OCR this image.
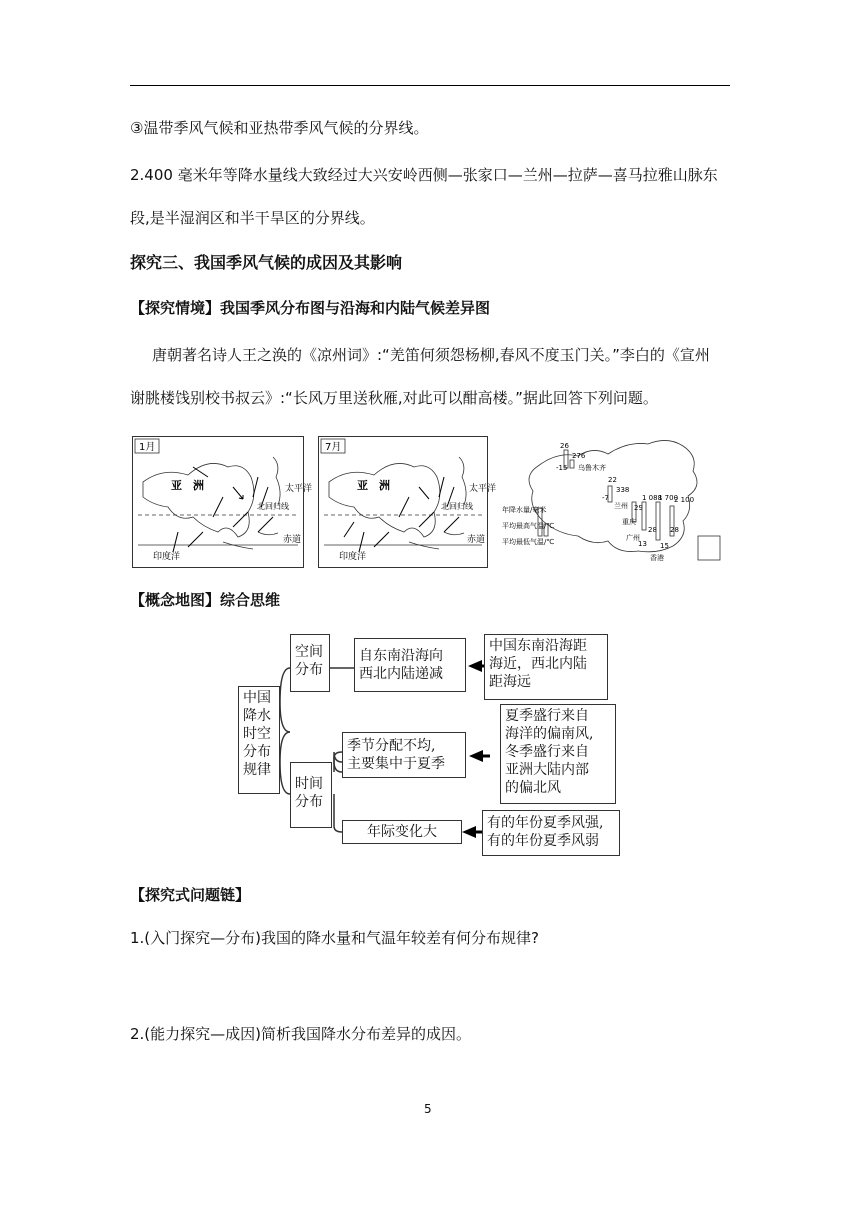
③温带季风气候和亚热带季风气候的分界线。
2.400 毫米年等降水量线大致经过大兴安岭西侧—张家口—兰州—拉萨—喜马拉雅山脉东
段,是半湿润区和半干旱区的分界线。
探究三、我国季风气候的成因及其影响
【探究情境】我国季风分布图与沿海和内陆气候差异图
唐朝著名诗人王之涣的《凉州词》:“羌笛何须怨杨柳,春风不度玉门关。”李白的《宣州
谢朓楼饯别校书叔云》:“长风万里送秋雁,对此可以酣高楼。”据此回答下列问题。
1月
亚　洲
北回归线
太平洋
赤道
印度洋
7月
亚　洲
北回归线
太平洋
赤道
印度洋
26
-15
276
22
338
-7
29
1 088
1 700
2 100
28
13
28
15
乌鲁木齐
兰州
重庆
广州
香港
年降水量/毫米
平均最高气温/℃
平均最低气温/℃
【概念地图】综合思维
中国
降水
时空
分布
规律
空间
分布
时间
分布
自东南沿海向
西北内陆递减
中国东南沿海距
海近，西北内陆
距海远
季节分配不均,
主要集中于夏季
夏季盛行来自
海洋的偏南风,
冬季盛行来自
亚洲大陆内部
的偏北风
年际变化大
有的年份夏季风强,
有的年份夏季风弱
【探究式问题链】
1.(入门探究—分布)我国的降水量和气温年较差有何分布规律?
2.(能力探究—成因)简析我国降水分布差异的成因。
5
